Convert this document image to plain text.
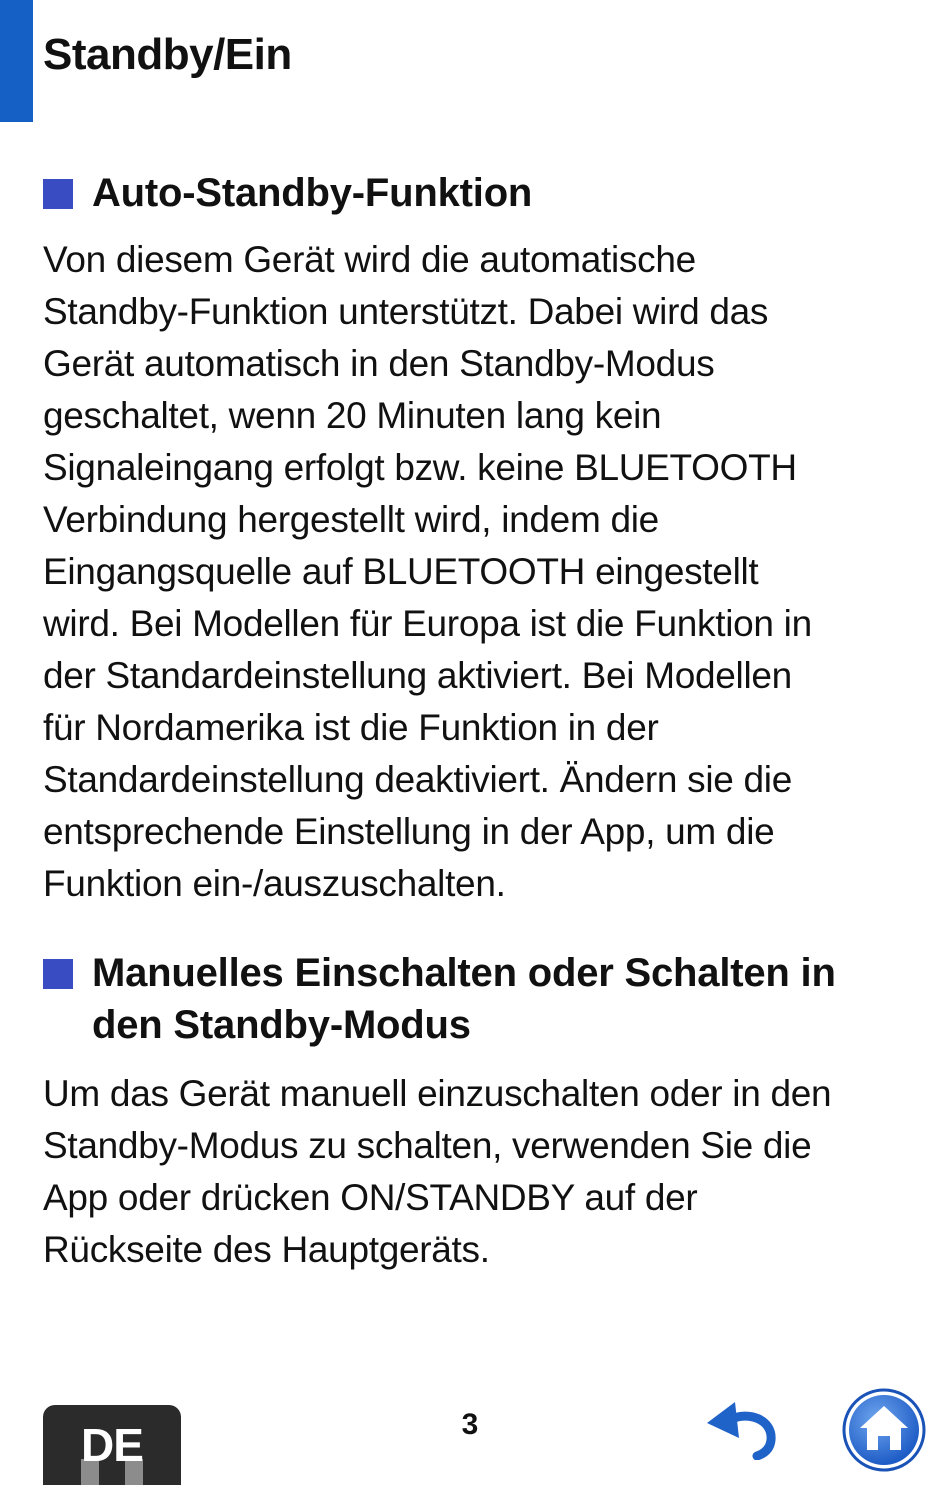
Standby/Ein
Auto-Standby-Funktion

Von diesem Gerät wird die automatische
Standby-Funktion unterstützt. Dabei wird das
Gerät automatisch in den Standby-Modus
geschaltet, wenn 20 Minuten lang kein
Signaleingang erfolgt bzw. keine BLUETOOTH
Verbindung hergestellt wird, indem die
Eingangsquelle auf BLUETOOTH eingestellt
wird. Bei Modellen für Europa ist die Funktion in
der Standardeinstellung aktiviert. Bei Modellen
für Nordamerika ist die Funktion in der
Standardeinstellung deaktiviert. Ändern sie die
entsprechende Einstellung in der App, um die
Funktion ein-/auszuschalten.

Manuelles Einschalten oder Schalten in
den Standby-Modus

Um das Gerät manuell einzuschalten oder in den
Standby-Modus zu schalten, verwenden Sie die
App oder drücken ON/STANDBY auf der
Rückseite des Hauptgeräts.

DE	3
